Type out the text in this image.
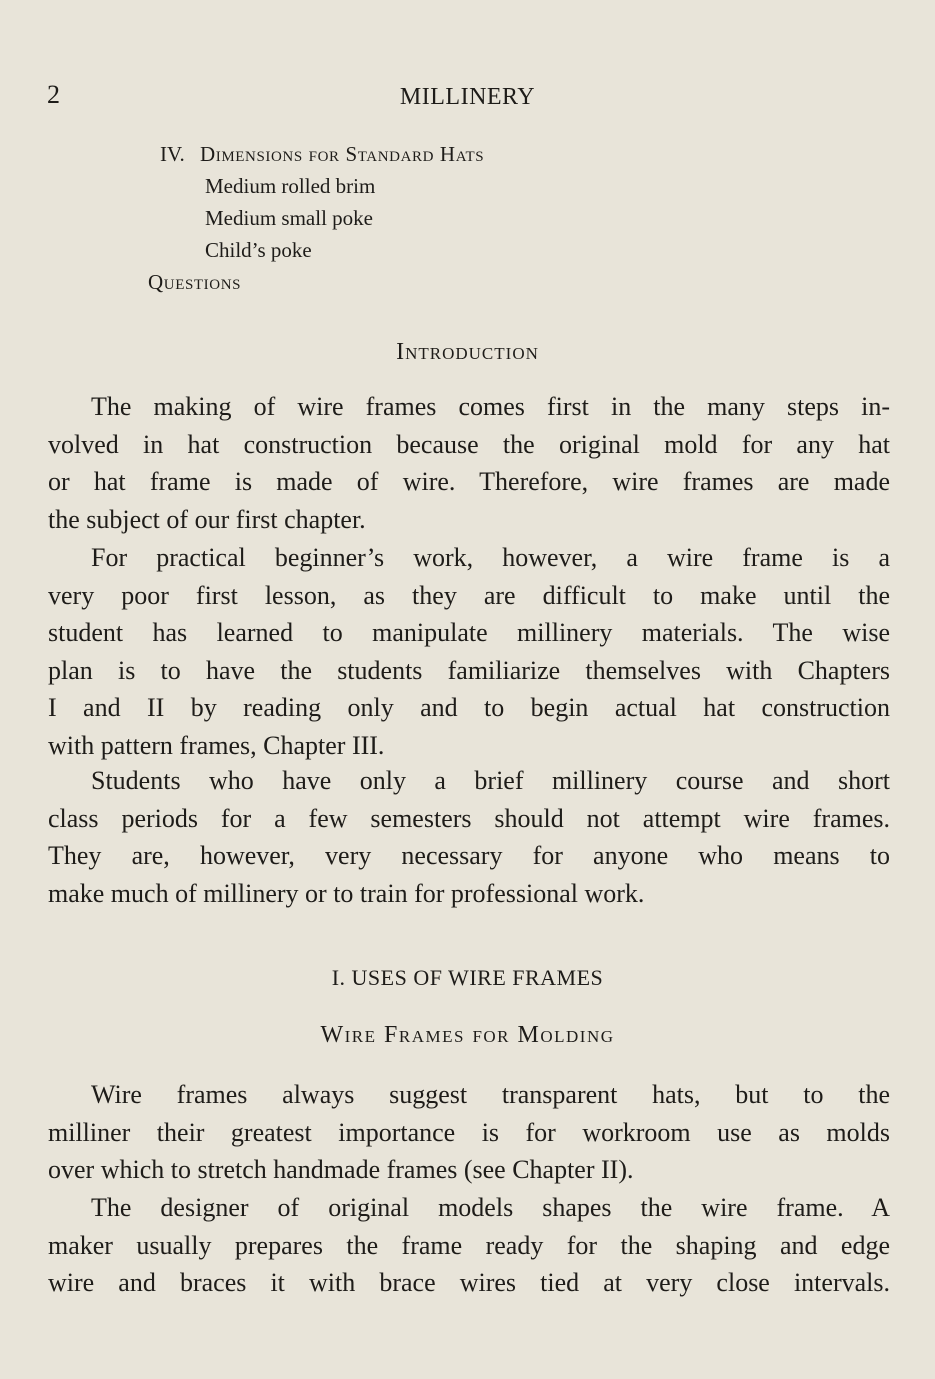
2	MILLINERY
IV. Dimensions for Standard Hats
Medium rolled brim
Medium small poke
Child’s poke
Questions
Introduction
The making of wire frames comes first in the many steps in-
volved in hat construction because the original mold for any hat
or hat frame is made of wire. Therefore, wire frames are made
the subject of our first chapter.
For practical beginner’s work, however, a wire frame is a
very poor first lesson, as they are difficult to make until the
student has learned to manipulate millinery materials. The wise
plan is to have the students familiarize themselves with Chapters
I and II by reading only and to begin actual hat construction
with pattern frames, Chapter III.
Students who have only a brief millinery course and short
class periods for a few semesters should not attempt wire frames.
They are, however, very necessary for anyone who means to
make much of millinery or to train for professional work.
I. USES OF WIRE FRAMES
Wire Frames for Molding
Wire frames always suggest transparent hats, but to the
milliner their greatest importance is for workroom use as molds
over which to stretch handmade frames (see Chapter II).
The designer of original models shapes the wire frame. A
maker usually prepares the frame ready for the shaping and edge
wire and braces it with brace wires tied at very close intervals.
